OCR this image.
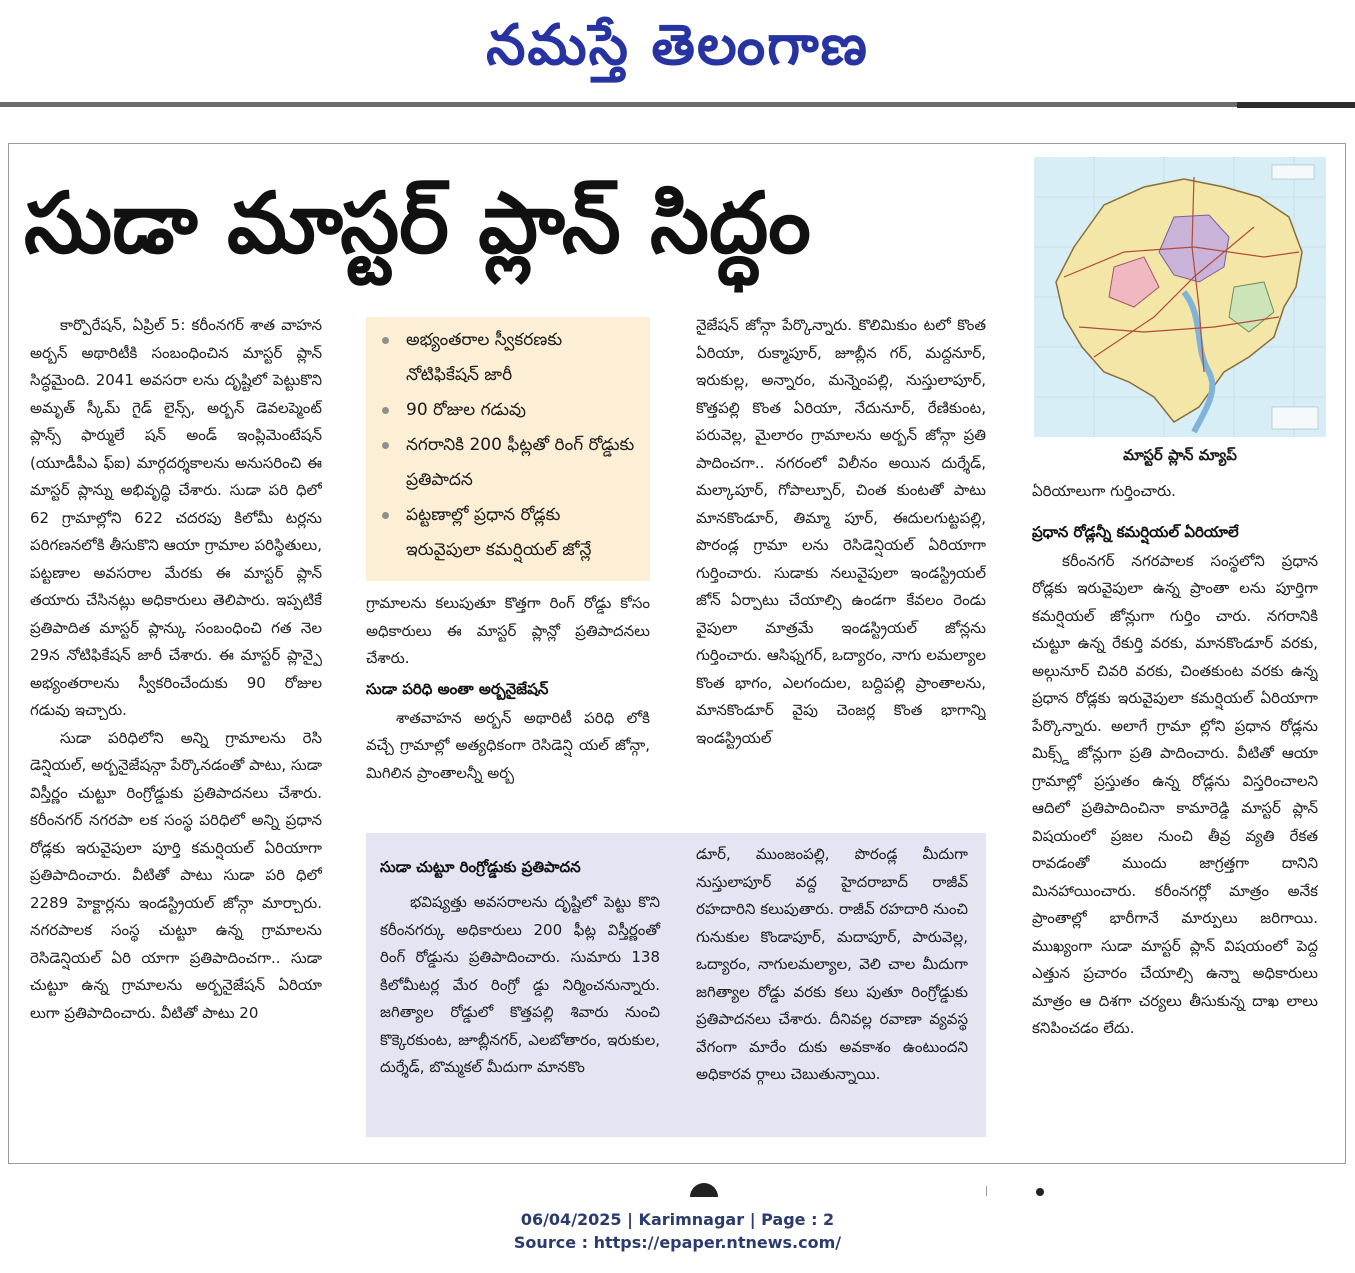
నమస్తే తెలంగాణ
సుడా మాస్టర్ ప్లాన్ సిద్ధం

కార్పొరేషన్, ఏప్రిల్ 5: కరీంనగర్ శాత వాహన అర్బన్ అథారిటీకి సంబంధించిన మాస్టర్ ప్లాన్ సిద్ధమైంది. 2041 అవసరా లను దృష్టిలో పెట్టుకొని అమృత్ స్కీమ్ గైడ్ లైన్స్, అర్బన్ డెవలప్మెంట్ ప్లాన్స్ ఫార్ములే షన్ అండ్ ఇంప్లిమెంటేషన్ (యూడీపీఎ ఫ్ఐ) మార్గదర్శకాలను అనుసరించి ఈ మాస్టర్ ప్లాన్ను అభివృద్ధి చేశారు. సుడా పరి ధిలో 62 గ్రామాల్లోని 622 చదరపు కిలోమీ టర్లను పరిగణనలోకి తీసుకొని ఆయా గ్రామాల పరిస్థితులు, పట్టణాల అవసరాల మేరకు ఈ మాస్టర్ ప్లాన్ తయారు చేసినట్లు అధికారులు తెలిపారు. ఇప్పటికే ప్రతిపాదిత మాస్టర్ ప్లాన్కు సంబంధించి గత నెల 29న నోటిఫికేషన్ జారీ చేశారు. ఈ మాస్టర్ ప్లాన్పై అభ్యంతరాలను స్వీకరించేందుకు 90 రోజుల గడువు ఇచ్చారు.

సుడా పరిధిలోని అన్ని గ్రామాలను రెసి డెన్షియల్, అర్బనైజేషన్గా పేర్కొనడంతో పాటు, సుడా విస్తీర్ణం చుట్టూ రింగ్రోడ్డుకు ప్రతిపాదనలు చేశారు. కరీంనగర్ నగరపా లక సంస్థ పరిధిలో అన్ని ప్రధాన రోడ్లకు ఇరువైపులా పూర్తి కమర్షియల్ ఏరియాగా ప్రతిపాదించారు. వీటితో పాటు సుడా పరి ధిలో 2289 హెక్టార్లను ఇండస్ట్రియల్ జోన్గా మార్చారు. నగరపాలక సంస్థ చుట్టూ ఉన్న గ్రామాలను రెసిడెన్షియల్ ఏరి యాగా ప్రతిపాదించగా.. సుడా చుట్టూ ఉన్న గ్రామాలను అర్బనైజేషన్ ఏరియా లుగా ప్రతిపాదించారు. వీటితో పాటు 20

అభ్యంతరాల స్వీకరణకు నోటిఫికేషన్ జారీ
90 రోజుల గడువు
నగరానికి 200 ఫీట్లతో రింగ్ రోడ్డుకు ప్రతిపాదన
పట్టణాల్లో ప్రధాన రోడ్లకు ఇరువైపులా కమర్షియల్ జోన్లే

గ్రామాలను కలుపుతూ కొత్తగా రింగ్ రోడ్డు కోసం అధికారులు ఈ మాస్టర్ ప్లాన్లో ప్రతిపాదనలు చేశారు.

సుడా పరిధి అంతా అర్బనైజేషన్

శాతవాహన అర్బన్ అథారిటీ పరిధి లోకి వచ్చే గ్రామాల్లో అత్యధికంగా రెసిడెన్షి యల్ జోన్గా, మిగిలిన ప్రాంతాలన్నీ అర్బ

నైజేషన్ జోన్గా పేర్కొన్నారు. కొలిమికుం టలో కొంత ఏరియా, రుక్మాపూర్, జూబ్లీన గర్, మద్దనూర్, ఇరుకుల్ల, అన్నారం, మన్నెంపల్లి, నుస్తులాపూర్, కొత్తపల్లి కొంత ఏరియా, నేదునూర్, రేణికుంట, పరువెల్ల, మైలారం గ్రామాలను అర్బన్ జోన్గా ప్రతి పాదించగా.. నగరంలో విలీనం అయిన దుర్శేడ్, మల్కాపూర్, గోపాల్పూర్, చింత కుంటతో పాటు మానకొండూర్, తిమ్మా పూర్, ఈదులగుట్టపల్లి, పొరండ్ల గ్రామా లను రెసిడెన్షియల్ ఏరియాగా గుర్తించారు. సుడాకు నలువైపులా ఇండస్ట్రియల్ జోన్ ఏర్పాటు చేయాల్సి ఉండగా కేవలం రెండు వైపులా మాత్రమే ఇండస్ట్రియల్ జోన్లను గుర్తించారు. ఆసిఫ్నగర్, ఒద్యారం, నాగు లమల్యాల కొంత భాగం, ఎలగందుల, బద్దిపల్లి ప్రాంతాలను, మానకొండూర్ వైపు చెంజర్ల కొంత భాగాన్ని ఇండస్ట్రియల్

సుడా చుట్టూ రింగ్రోడ్డుకు ప్రతిపాదన

భవిష్యత్తు అవసరాలను దృష్టిలో పెట్టు కొని కరీంనగర్కు అధికారులు 200 ఫీట్ల విస్తీర్ణంతో రింగ్ రోడ్డును ప్రతిపాదించారు. సుమారు 138 కిలోమీటర్ల మేర రింగ్రో డ్డు నిర్మించనున్నారు. జగిత్యాల రోడ్డులో కొత్తపల్లి శివారు నుంచి కొక్కెరకుంట, జూబ్లీనగర్, ఎలబోతారం, ఇరుకుల, దుర్శేడ్, బొమ్మకల్ మీదుగా మానకొం

డూర్, ముంజంపల్లి, పొరండ్ల మీదుగా నుస్తులాపూర్ వద్ద హైదరాబాద్ రాజీవ్ రహదారిని కలుపుతారు. రాజీవ్ రహదారి నుంచి గునుకుల కొండాపూర్, మదాపూర్, పారువెల్ల, ఒద్యారం, నాగులమల్యాల, వెలి చాల మీదుగా జగిత్యాల రోడ్డు వరకు కలు పుతూ రింగ్రోడ్డుకు ప్రతిపాదనలు చేశారు. దీనివల్ల రవాణా వ్యవస్థ వేగంగా మారేం దుకు అవకాశం ఉంటుందని అధికారవ ర్గాలు చెబుతున్నాయి.

మాస్టర్ ప్లాన్ మ్యాప్

ఏరియాలుగా గుర్తించారు.

ప్రధాన రోడ్లన్నీ కమర్షియల్ ఏరియాలే

కరీంనగర్ నగరపాలక సంస్థలోని ప్రధాన రోడ్లకు ఇరువైపులా ఉన్న ప్రాంతా లను పూర్తిగా కమర్షియల్ జోన్లుగా గుర్తిం చారు. నగరానికి చుట్టూ ఉన్న రేకుర్తి వరకు, మానకొండూర్ వరకు, అల్గునూర్ చివరి వరకు, చింతకుంట వరకు ఉన్న ప్రధాన రోడ్లకు ఇరువైపులా కమర్షియల్ ఏరియాగా పేర్కొన్నారు. అలాగే గ్రామా ల్లోని ప్రధాన రోడ్లను మిక్స్డ్ జోన్లుగా ప్రతి పాదించారు. వీటితో ఆయా గ్రామాల్లో ప్రస్తుతం ఉన్న రోడ్లను విస్తరించాలని ఆదిలో ప్రతిపాదించినా కామారెడ్డి మాస్టర్ ప్లాన్ విషయంలో ప్రజల నుంచి తీవ్ర వ్యతి రేకత రావడంతో ముందు జాగ్రత్తగా దానిని మినహాయించారు. కరీంనగర్లో మాత్రం అనేక ప్రాంతాల్లో భారీగానే మార్పులు జరిగాయి. ముఖ్యంగా సుడా మాస్టర్ ప్లాన్ విషయంలో పెద్ద ఎత్తున ప్రచారం చేయాల్సి ఉన్నా అధికారులు మాత్రం ఆ దిశగా చర్యలు తీసుకున్న దాఖ లాలు కనిపించడం లేదు.

06/04/2025 | Karimnagar | Page : 2
Source : https://epaper.ntnews.com/
